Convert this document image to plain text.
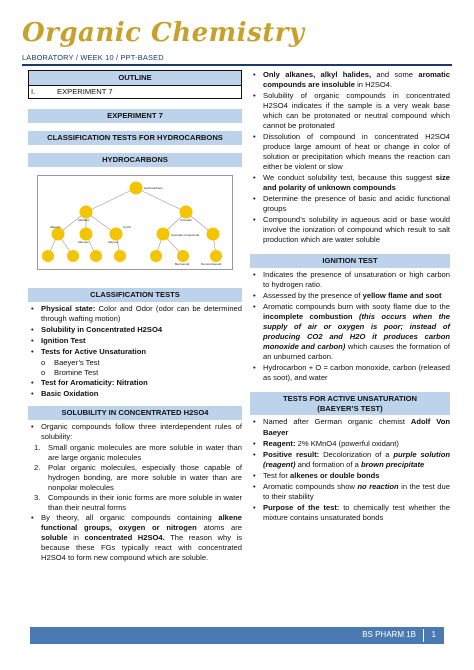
Organic Chemistry
LABORATORY / WEEK 10 / PPT-BASED
OUTLINE
I.	EXPERIMENT 7
EXPERIMENT 7
CLASSIFICATION TESTS FOR HYDROCARBONS
HYDROCARBONS
Hydrocarbons
Aliphatic	Aromatic
Alkanes
Alkenes	Alkynes
Cyclic
Aromatic compounds
Benzenoid	Non-benzenoid
CLASSIFICATION TESTS
• Physical state: Color and Odor (odor can be determined through wafting motion)
• Solubility in Concentrated H2SO4
• Ignition Test
• Tests for Active Unsaturation
o Baeyer’s Test
o Bromine Test
• Test for Aromaticity: Nitration
• Basic Oxidation
SOLUBILITY IN CONCENTRATED H2SO4
• Organic compounds follow three interdependent rules of solubility:
1. Small organic molecules are more soluble in water than are large organic molecules
2. Polar organic molecules, especially those capable of hydrogen bonding, are more soluble in water than are nonpolar molecules
3. Compounds in their ionic forms are more soluble in water than their neutral forms
• By theory, all organic compounds containing alkene functional groups, oxygen or nitrogen atoms are soluble in concentrated H2SO4. The reason why is because these FGs typically react with concentrated H2SO4 to form new compound which are soluble.
• Only alkanes, alkyl halides, and some aromatic compounds are insoluble in H2SO4.
• Solubility of organic compounds in concentrated H2SO4 indicates if the sample is a very weak base which can be protonated or neutral compound which cannot be protonated
• Dissolution of compound in concentrated H2SO4 produce large amount of heat or change in color of solution or precipitation which means the reaction can either be violent or slow
• We conduct solubility test, because this suggest size and polarity of unknown compounds
• Determine the presence of basic and acidic functional groups
• Compound’s solubility in aqueous acid or base would involve the ionization of compound which result to salt production which are water soluble
IGNITION TEST
• Indicates the presence of unsaturation or high carbon to hydrogen ratio.
• Assessed by the presence of yellow flame and soot
• Aromatic compounds burn with sooty flame due to the incomplete combustion (this occurs when the supply of air or oxygen is poor; instead of producing CO2 and H2O it produces carbon monoxide and carbon) which causes the formation of an unburned carbon.
• Hydrocarbon + O = carbon monoxide, carbon (released as soot), and water
TESTS FOR ACTIVE UNSATURATION
(BAEYER’S TEST)
• Named after German organic chemist Adolf Von Baeyer
• Reagent: 2% KMnO4 (powerful oxidant)
• Positive result: Decolorization of a purple solution (reagent) and formation of a brown precipitate
• Test for alkenes or double bonds
• Aromatic compounds show no reaction in the test due to their stability
• Purpose of the test: to chemically test whether the mixture contains unsaturated bonds
BS PHARM 1B 1
